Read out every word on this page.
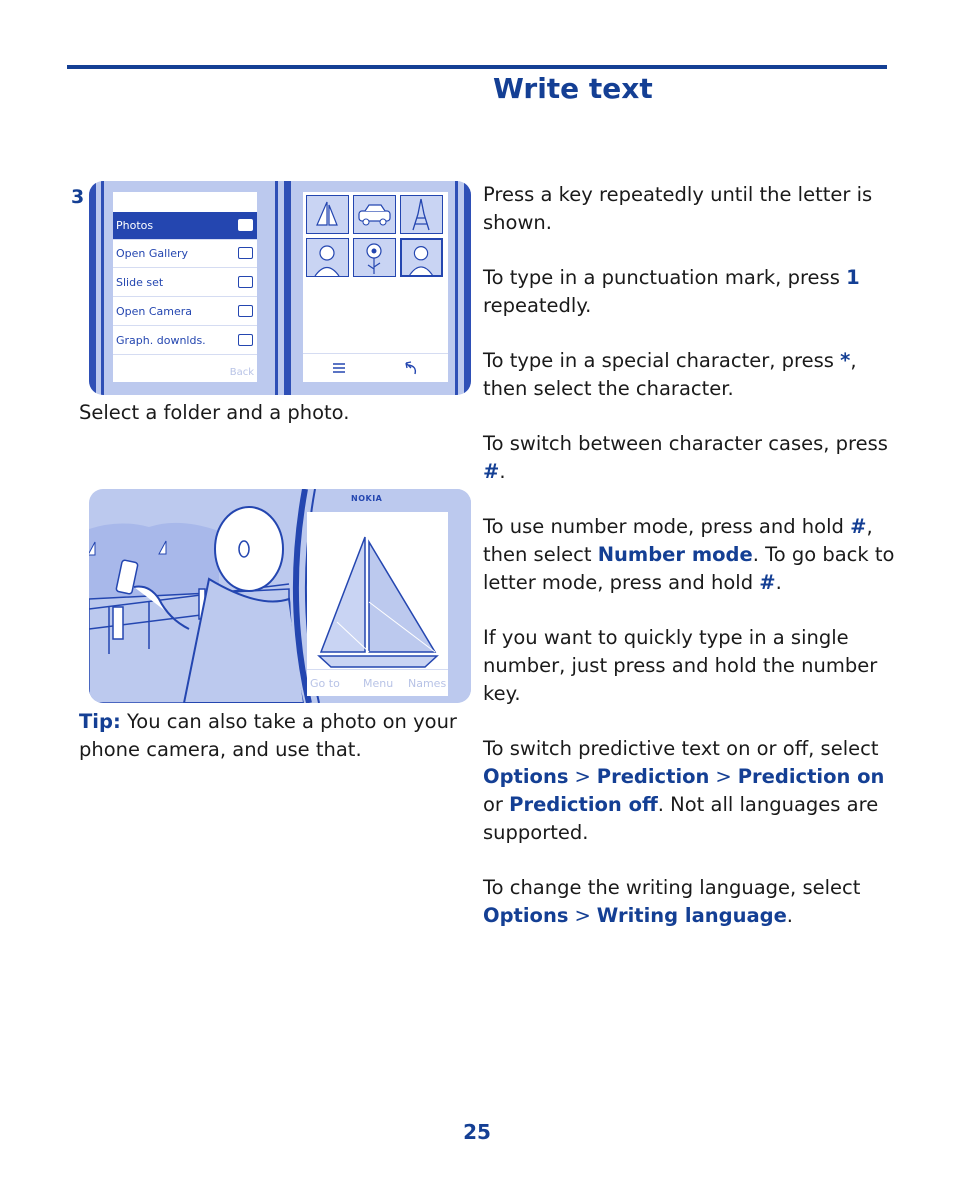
Write text
3
Photos
Open Gallery
Slide set
Open Camera
Graph. downlds.
Back

Select a folder and a photo.

NOKIA
Go to Menu Names

Tip: You can also take a photo on your phone camera, and use that.

Press a key repeatedly until the letter is shown.

To type in a punctuation mark, press 1 repeatedly.

To type in a special character, press *, then select the character.

To switch between character cases, press #.

To use number mode, press and hold #, then select Number mode. To go back to letter mode, press and hold #.

If you want to quickly type in a single number, just press and hold the number key.

To switch predictive text on or off, select Options > Prediction > Prediction on or Prediction off. Not all languages are supported.

To change the writing language, select Options > Writing language.

25
